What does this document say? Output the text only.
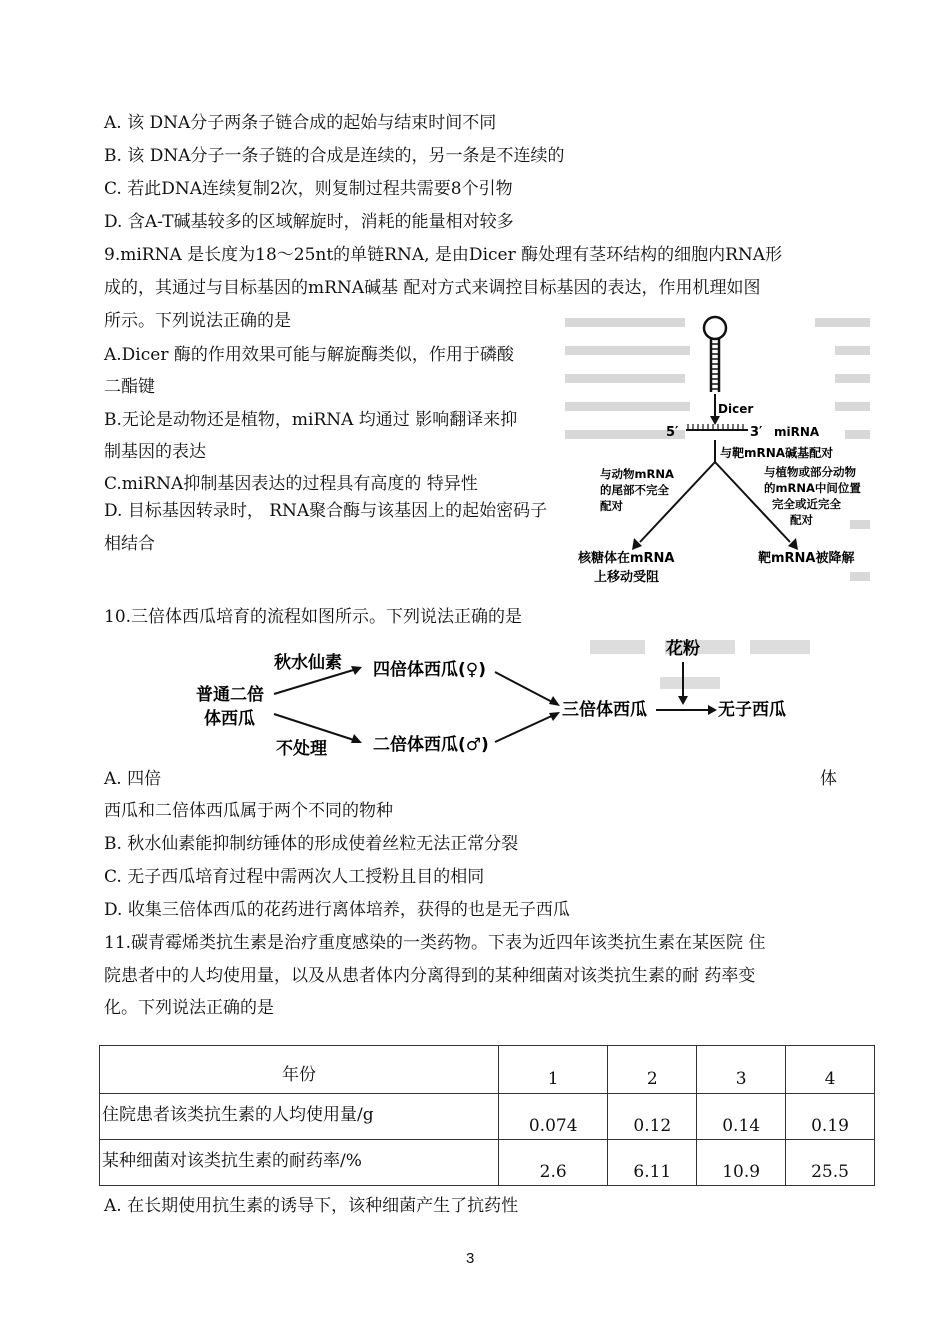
A. 该 DNA分子两条子链合成的起始与结束时间不同
B. 该 DNA分子一条子链的合成是连续的，另一条是不连续的
C. 若此DNA连续复制2次，则复制过程共需要8个引物
D. 含A-T碱基较多的区域解旋时，消耗的能量相对较多
9.miRNA 是长度为18～25nt的单链RNA, 是由Dicer 酶处理有茎环结构的细胞内RNA形
成的，其通过与目标基因的mRNA碱基 配对方式来调控目标基因的表达，作用机理如图
所示。下列说法正确的是
A.Dicer 酶的作用效果可能与解旋酶类似，作用于磷酸
二酯键
B.无论是动物还是植物，miRNA 均通过 影响翻译来抑
制基因的表达
C.miRNA抑制基因表达的过程具有高度的 特异性
D. 目标基因转录时， RNA聚合酶与该基因上的起始密码子
相结合
Dicer
5′	3′ miRNA
与靶mRNA碱基配对
与动物mRNA
的尾部不完全
配对
与植物或部分动物
的mRNA中间位置
完全或近完全
配对
核糖体在mRNA
上移动受阻
靶mRNA被降解
10.三倍体西瓜培育的流程如图所示。下列说法正确的是
秋水仙素 四倍体西瓜(♀)
普通二倍
体西瓜
不处理	二倍体西瓜(♂)
三倍体西瓜
花粉
无子西瓜
A. 四倍	体
西瓜和二倍体西瓜属于两个不同的物种
B. 秋水仙素能抑制纺锤体的形成使着丝粒无法正常分裂
C. 无子西瓜培育过程中需两次人工授粉且目的相同
D. 收集三倍体西瓜的花药进行离体培养，获得的也是无子西瓜
11.碳青霉烯类抗生素是治疗重度感染的一类药物。下表为近四年该类抗生素在某医院 住
院患者中的人均使用量，以及从患者体内分离得到的某种细菌对该类抗生素的耐 药率变
化。下列说法正确的是
年份	1	2	3	4
住院患者该类抗生素的人均使用量/g	0.074	0.12	0.14	0.19
某种细菌对该类抗生素的耐药率/%	2.6	6.11	10.9	25.5
A. 在长期使用抗生素的诱导下，该种细菌产生了抗药性
3
